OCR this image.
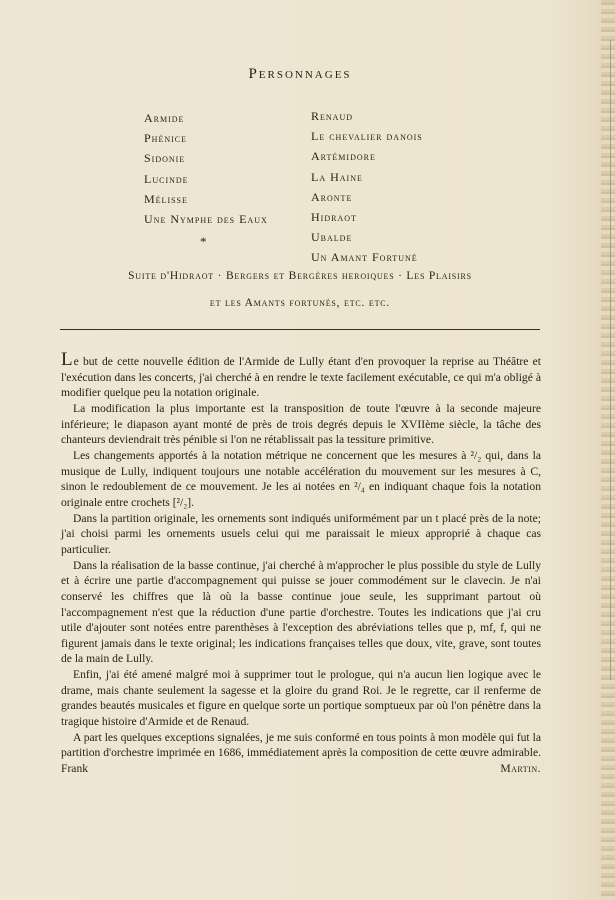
Personnages
Armide
Phénice
Sidonie
Lucinde
Mélisse
Une Nymphe des Eaux
*
Renaud
Le chevalier danois
Artémidore
La Haine
Aronte
Hidraot
Ubalde
Un Amant Fortuné
Suite d'Hidraot · Bergers et Bergères heroiques · Les Plaisirs
et les Amants fortunés, etc. etc.

Le but de cette nouvelle édition de l'Armide de Lully étant d'en provoquer la reprise au Théâtre et l'exécution dans les concerts, j'ai cherché à en rendre le texte facilement exécutable, ce qui m'a obligé à modifier quelque peu la notation originale.

La modification la plus importante est la transposition de toute l'œuvre à la seconde majeure inférieure; le diapason ayant monté de près de trois degrés depuis le XVIIème siècle, la tâche des chanteurs deviendrait très pénible si l'on ne rétablissait pas la tessiture primitive.

Les changements apportés à la notation métrique ne concernent que les mesures à ²/₂ qui, dans la musique de Lully, indiquent toujours une notable accélération du mouvement sur les mesures à C, sinon le redoublement de ce mouvement. Je les ai notées en ²/₄ en indiquant chaque fois la notation originale entre crochets [²/₂].

Dans la partition originale, les ornements sont indiqués uniformément par un t placé près de la note; j'ai choisi parmi les ornements usuels celui qui me paraissait le mieux approprié à chaque cas particulier.

Dans la réalisation de la basse continue, j'ai cherché à m'approcher le plus possible du style de Lully et à écrire une partie d'accompagnement qui puisse se jouer commodément sur le clavecin. Je n'ai conservé les chiffres que là où la basse continue joue seule, les supprimant partout où l'accompagnement n'est que la réduction d'une partie d'orchestre. Toutes les indications que j'ai cru utile d'ajouter sont notées entre parenthèses à l'exception des abréviations telles que p, mf, f, qui ne figurent jamais dans le texte original; les indications françaises telles que doux, vite, grave, sont toutes de la main de Lully.

Enfin, j'ai été amené malgré moi à supprimer tout le prologue, qui n'a aucun lien logique avec le drame, mais chante seulement la sagesse et la gloire du grand Roi. Je le regrette, car il renferme de grandes beautés musicales et figure en quelque sorte un portique somptueux par où l'on pénètre dans la tragique histoire d'Armide et de Renaud.

A part les quelques exceptions signalées, je me suis conformé en tous points à mon modèle qui fut la partition d'orchestre imprimée en 1686, immédiatement après la composition de cette œuvre admirable. Frank	Martin.
